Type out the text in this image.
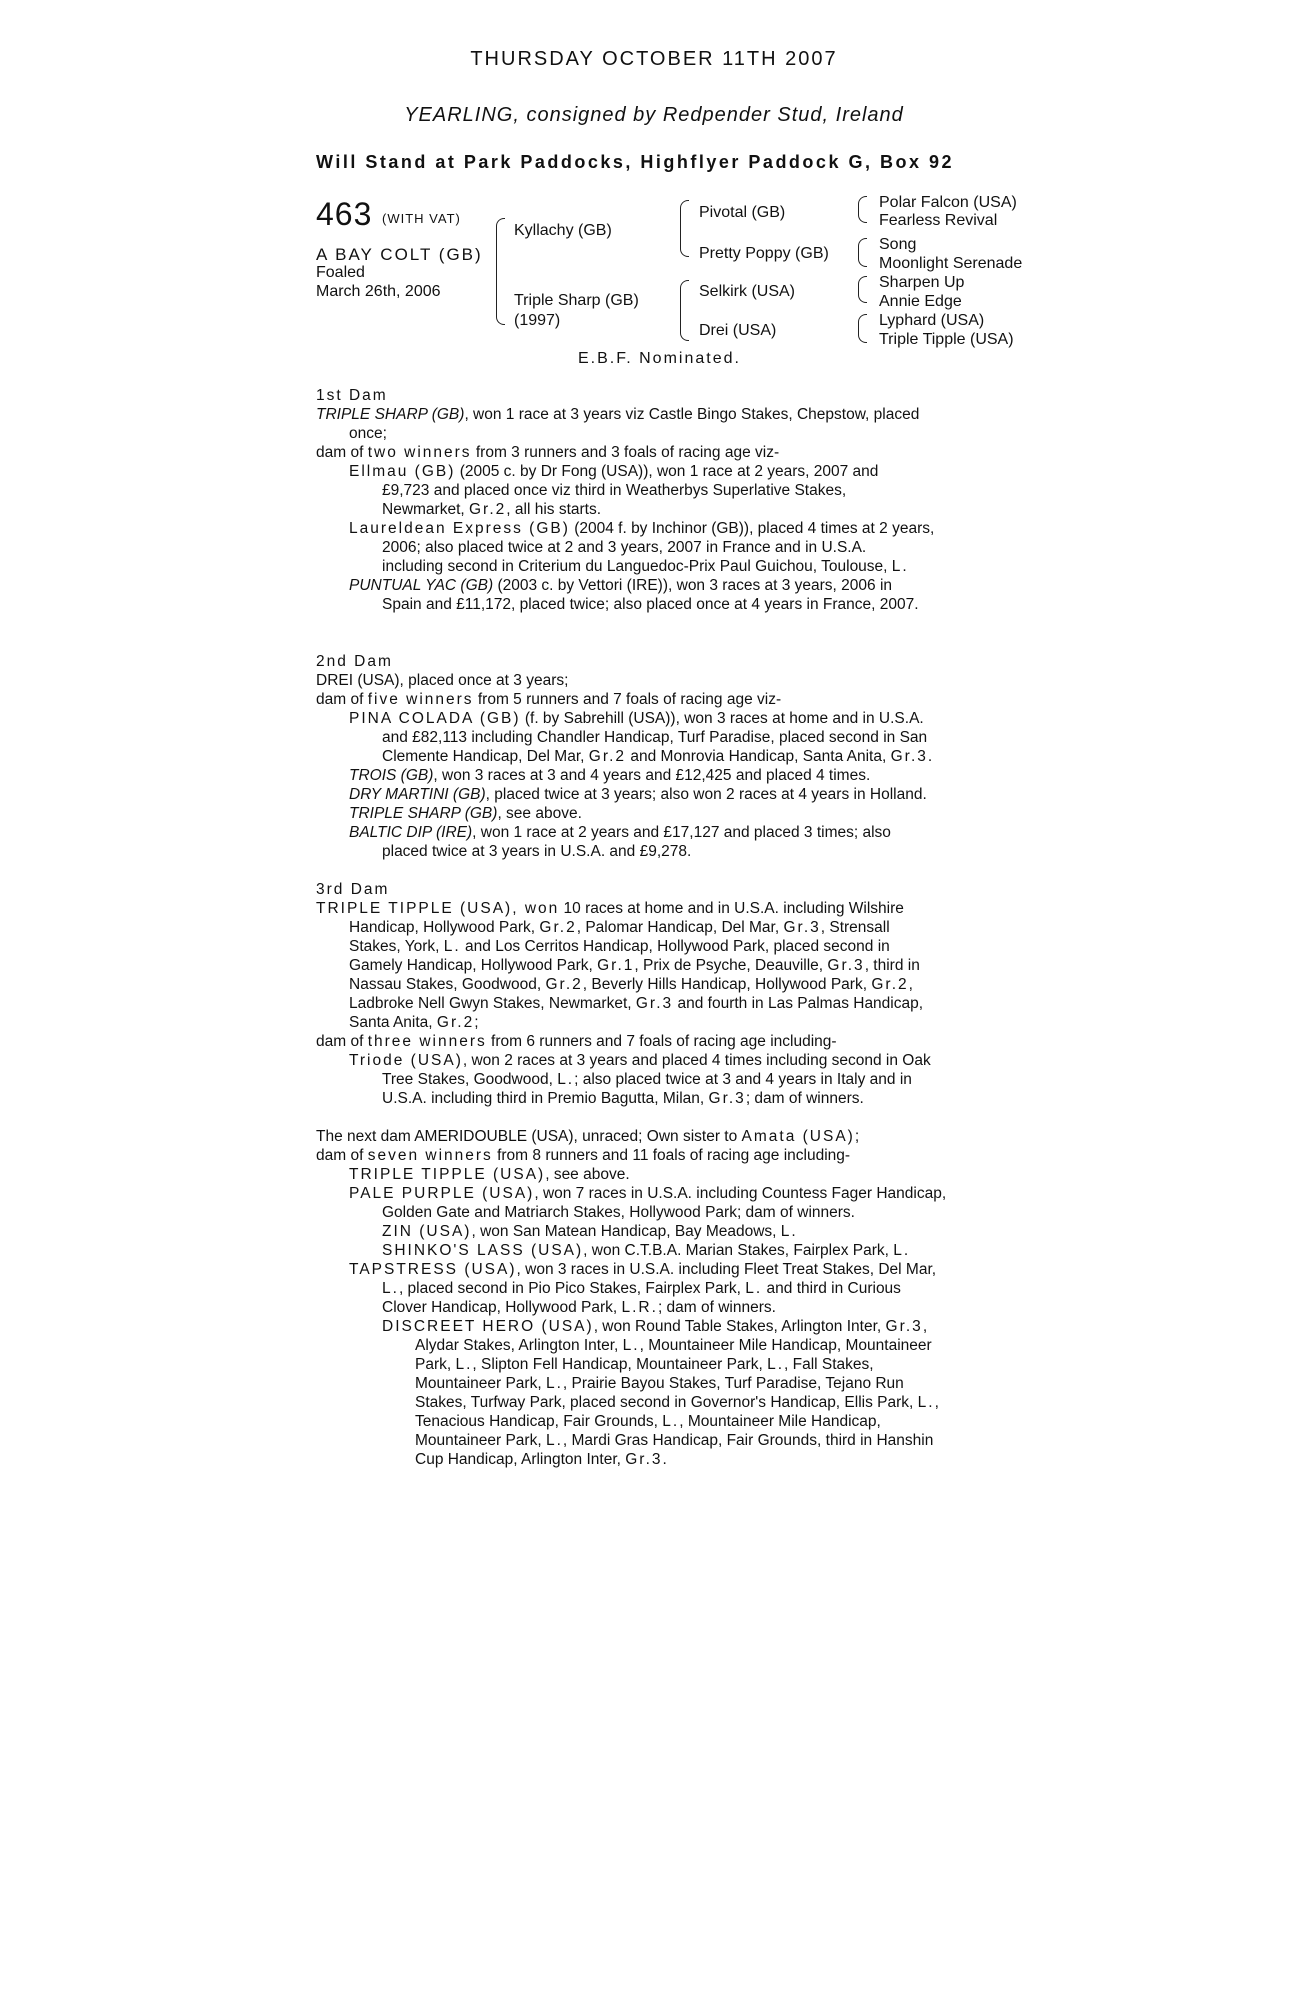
THURSDAY OCTOBER 11TH 2007
YEARLING, consigned by Redpender Stud, Ireland
Will Stand at Park Paddocks, Highflyer Paddock G, Box 92
463 (WITH VAT)
A BAY COLT (GB)
Foaled
March 26th, 2006
Kyllachy (GB)
Triple Sharp (GB)
(1997)
Pivotal (GB)
Pretty Poppy (GB)
Selkirk (USA)
Drei (USA)
Polar Falcon (USA)
Fearless Revival
Song
Moonlight Serenade
Sharpen Up
Annie Edge
Lyphard (USA)
Triple Tipple (USA)
E.B.F. Nominated.

1st Dam

TRIPLE SHARP (GB), won 1 race at 3 years viz Castle Bingo Stakes, Chepstow, placed

once;

dam of two winners from 3 runners and 3 foals of racing age viz-

Ellmau (GB) (2005 c. by Dr Fong (USA)), won 1 race at 2 years, 2007 and

£9,723 and placed once viz third in Weatherbys Superlative Stakes,

Newmarket, Gr.2, all his starts.

Laureldean Express (GB) (2004 f. by Inchinor (GB)), placed 4 times at 2 years,

2006; also placed twice at 2 and 3 years, 2007 in France and in U.S.A.

including second in Criterium du Languedoc-Prix Paul Guichou, Toulouse, L.

PUNTUAL YAC (GB) (2003 c. by Vettori (IRE)), won 3 races at 3 years, 2006 in

Spain and £11,172, placed twice; also placed once at 4 years in France, 2007.

2nd Dam

DREI (USA), placed once at 3 years;

dam of five winners from 5 runners and 7 foals of racing age viz-

PINA COLADA (GB) (f. by Sabrehill (USA)), won 3 races at home and in U.S.A.

and £82,113 including Chandler Handicap, Turf Paradise, placed second in San

Clemente Handicap, Del Mar, Gr.2 and Monrovia Handicap, Santa Anita, Gr.3.

TROIS (GB), won 3 races at 3 and 4 years and £12,425 and placed 4 times.

DRY MARTINI (GB), placed twice at 3 years; also won 2 races at 4 years in Holland.

TRIPLE SHARP (GB), see above.

BALTIC DIP (IRE), won 1 race at 2 years and £17,127 and placed 3 times; also

placed twice at 3 years in U.S.A. and £9,278.

3rd Dam

TRIPLE TIPPLE (USA), won 10 races at home and in U.S.A. including Wilshire

Handicap, Hollywood Park, Gr.2, Palomar Handicap, Del Mar, Gr.3, Strensall

Stakes, York, L. and Los Cerritos Handicap, Hollywood Park, placed second in

Gamely Handicap, Hollywood Park, Gr.1, Prix de Psyche, Deauville, Gr.3, third in

Nassau Stakes, Goodwood, Gr.2, Beverly Hills Handicap, Hollywood Park, Gr.2,

Ladbroke Nell Gwyn Stakes, Newmarket, Gr.3 and fourth in Las Palmas Handicap,

Santa Anita, Gr.2;

dam of three winners from 6 runners and 7 foals of racing age including-

Triode (USA), won 2 races at 3 years and placed 4 times including second in Oak

Tree Stakes, Goodwood, L.; also placed twice at 3 and 4 years in Italy and in

U.S.A. including third in Premio Bagutta, Milan, Gr.3; dam of winners.

The next dam AMERIDOUBLE (USA), unraced; Own sister to Amata (USA);

dam of seven winners from 8 runners and 11 foals of racing age including-

TRIPLE TIPPLE (USA), see above.

PALE PURPLE (USA), won 7 races in U.S.A. including Countess Fager Handicap,

Golden Gate and Matriarch Stakes, Hollywood Park; dam of winners.

ZIN (USA), won San Matean Handicap, Bay Meadows, L.

SHINKO'S LASS (USA), won C.T.B.A. Marian Stakes, Fairplex Park, L.

TAPSTRESS (USA), won 3 races in U.S.A. including Fleet Treat Stakes, Del Mar,

L., placed second in Pio Pico Stakes, Fairplex Park, L. and third in Curious

Clover Handicap, Hollywood Park, L.R.; dam of winners.

DISCREET HERO (USA), won Round Table Stakes, Arlington Inter, Gr.3,

Alydar Stakes, Arlington Inter, L., Mountaineer Mile Handicap, Mountaineer

Park, L., Slipton Fell Handicap, Mountaineer Park, L., Fall Stakes,

Mountaineer Park, L., Prairie Bayou Stakes, Turf Paradise, Tejano Run

Stakes, Turfway Park, placed second in Governor's Handicap, Ellis Park, L.,

Tenacious Handicap, Fair Grounds, L., Mountaineer Mile Handicap,

Mountaineer Park, L., Mardi Gras Handicap, Fair Grounds, third in Hanshin

Cup Handicap, Arlington Inter, Gr.3.
